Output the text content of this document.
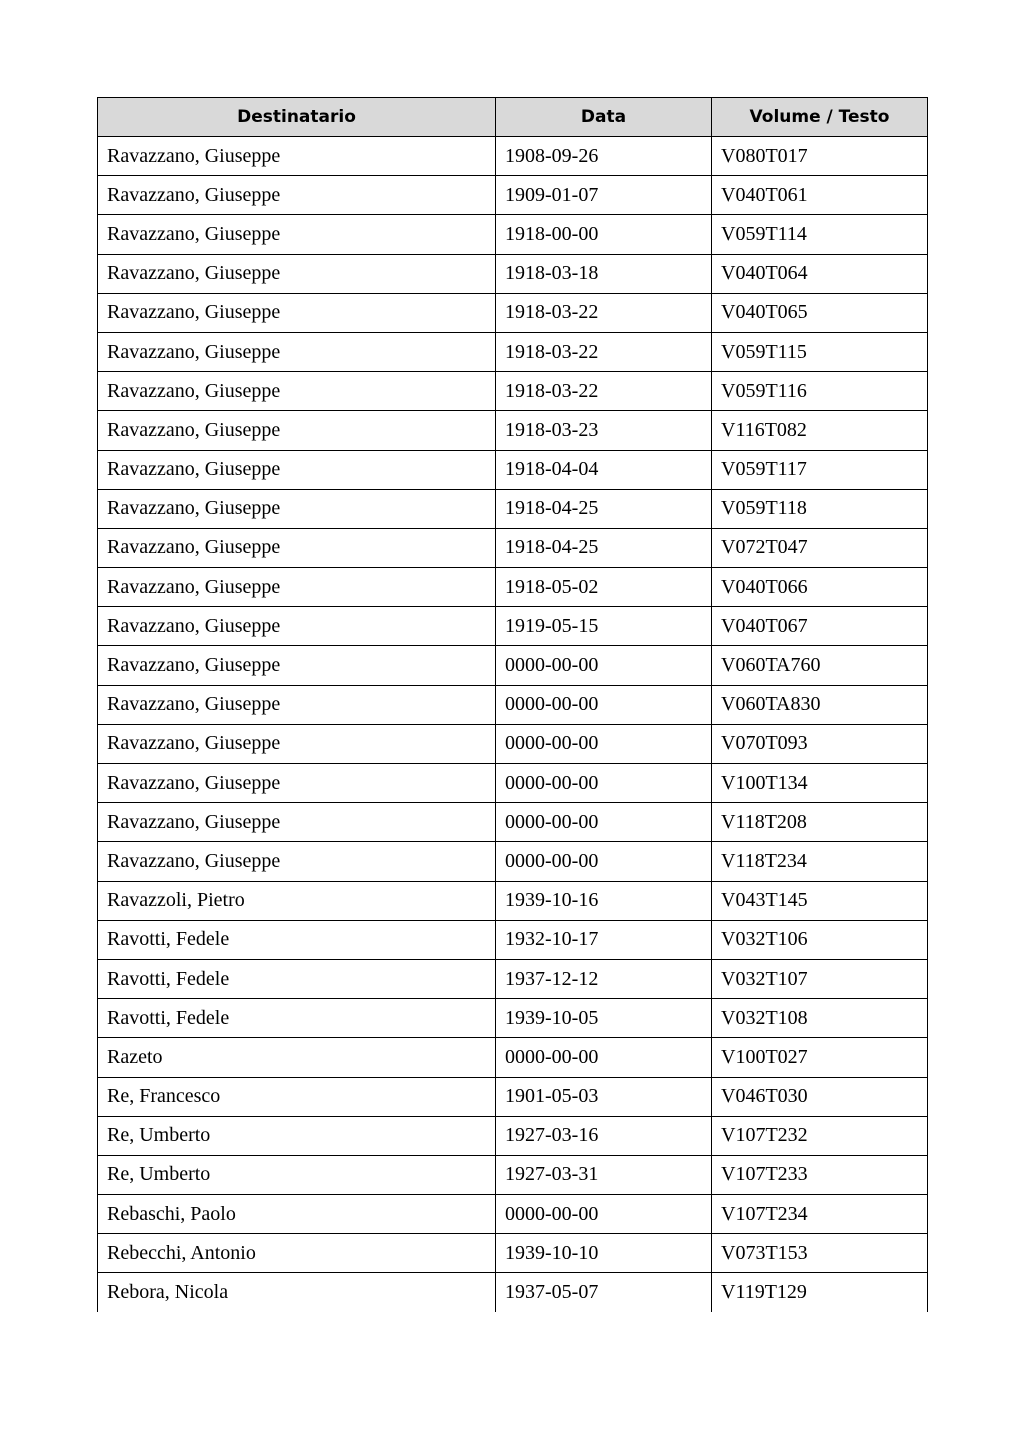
Destinatario	Data	Volume / Testo
Ravazzano, Giuseppe	1908-09-26	V080T017
Ravazzano, Giuseppe	1909-01-07	V040T061
Ravazzano, Giuseppe	1918-00-00	V059T114
Ravazzano, Giuseppe	1918-03-18	V040T064
Ravazzano, Giuseppe	1918-03-22	V040T065
Ravazzano, Giuseppe	1918-03-22	V059T115
Ravazzano, Giuseppe	1918-03-22	V059T116
Ravazzano, Giuseppe	1918-03-23	V116T082
Ravazzano, Giuseppe	1918-04-04	V059T117
Ravazzano, Giuseppe	1918-04-25	V059T118
Ravazzano, Giuseppe	1918-04-25	V072T047
Ravazzano, Giuseppe	1918-05-02	V040T066
Ravazzano, Giuseppe	1919-05-15	V040T067
Ravazzano, Giuseppe	0000-00-00	V060TA760
Ravazzano, Giuseppe	0000-00-00	V060TA830
Ravazzano, Giuseppe	0000-00-00	V070T093
Ravazzano, Giuseppe	0000-00-00	V100T134
Ravazzano, Giuseppe	0000-00-00	V118T208
Ravazzano, Giuseppe	0000-00-00	V118T234
Ravazzoli, Pietro	1939-10-16	V043T145
Ravotti, Fedele	1932-10-17	V032T106
Ravotti, Fedele	1937-12-12	V032T107
Ravotti, Fedele	1939-10-05	V032T108
Razeto	0000-00-00	V100T027
Re, Francesco	1901-05-03	V046T030
Re, Umberto	1927-03-16	V107T232
Re, Umberto	1927-03-31	V107T233
Rebaschi, Paolo	0000-00-00	V107T234
Rebecchi, Antonio	1939-10-10	V073T153
Rebora, Nicola	1937-05-07	V119T129
